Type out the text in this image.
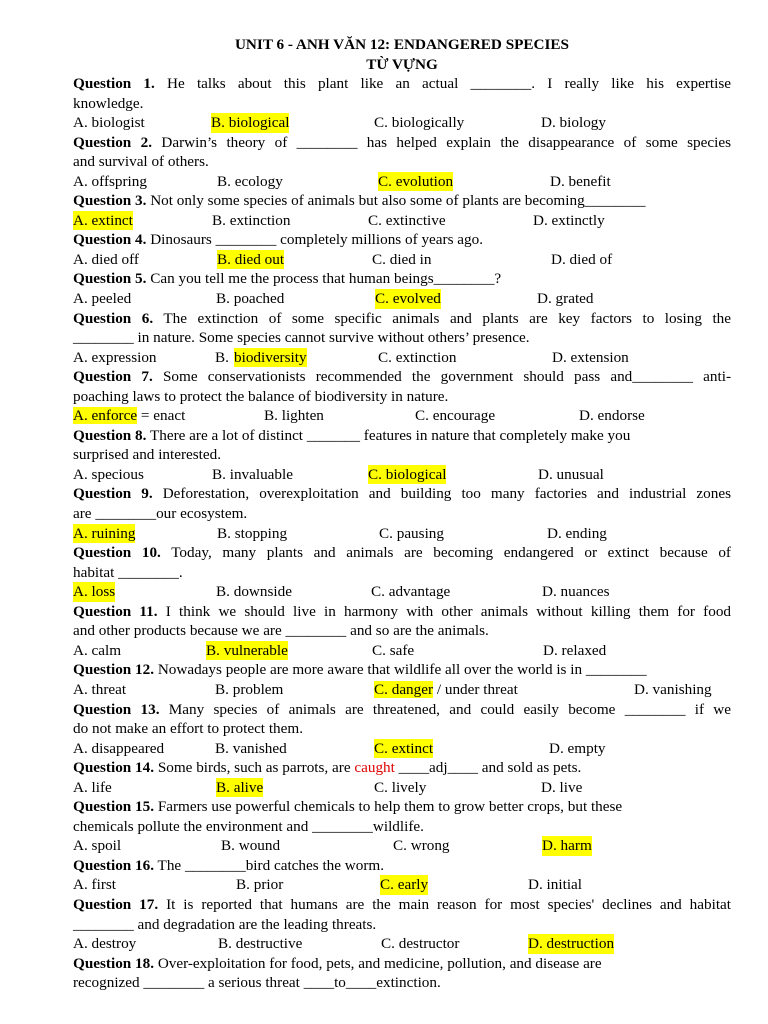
UNIT 6 - ANH VĂN 12: ENDANGERED SPECIES
TỪ VỰNG
Question 1. He talks about this plant like an actual ________. I really like his expertise
knowledge.
A. biologist	B. biological	C. biologically	D. biology
Question 2. Darwin’s theory of ________ has helped explain the disappearance of some species
and survival of others.
A. offspring	B. ecology	C. evolution	D. benefit
Question 3. Not only some species of animals but also some of plants are becoming________
A. extinct	B. extinction	C. extinctive	D. extinctly
Question 4. Dinosaurs ________ completely millions of years ago.
A. died off	B. died out	C. died in	D. died of
Question 5. Can you tell me the process that human beings________?
A. peeled	B. poached	C. evolved	D. grated
Question 6. The extinction of some specific animals and plants are key factors to losing the
________ in nature. Some species cannot survive without others’ presence.
A. expression	B. biodiversity	C. extinction	D. extension
Question 7. Some conservationists recommended the government should pass and________ anti-
poaching laws to protect the balance of biodiversity in nature.
A. enforce = enact	B. lighten	C. encourage	D. endorse
Question 8. There are a lot of distinct _______ features in nature that completely make you
surprised and interested.
A. specious	B. invaluable	C. biological	D. unusual
Question 9. Deforestation, overexploitation and building too many factories and industrial zones
are ________our ecosystem.
A. ruining	B. stopping	C. pausing	D. ending
Question 10. Today, many plants and animals are becoming endangered or extinct because of
habitat ________.
A. loss	B. downside	C. advantage	D. nuances
Question 11. I think we should live in harmony with other animals without killing them for food
and other products because we are ________ and so are the animals.
A. calm	B. vulnerable	C. safe	D. relaxed
Question 12. Nowadays people are more aware that wildlife all over the world is in ________
A. threat	B. problem	C. danger / under threat	D. vanishing
Question 13. Many species of animals are threatened, and could easily become ________ if we
do not make an effort to protect them.
A. disappeared	B. vanished	C. extinct	D. empty
Question 14. Some birds, such as parrots, are caught ____adj____ and sold as pets.
A. life	B. alive	C. lively	D. live
Question 15. Farmers use powerful chemicals to help them to grow better crops, but these
chemicals pollute the environment and ________wildlife.
A. spoil	B. wound	C. wrong	D. harm
Question 16. The ________bird catches the worm.
A. first	B. prior	C. early	D. initial
Question 17. It is reported that humans are the main reason for most species' declines and habitat
________ and degradation are the leading threats.
A. destroy	B. destructive	C. destructor	D. destruction
Question 18. Over-exploitation for food, pets, and medicine, pollution, and disease are
recognized ________ a serious threat ____to____extinction.
